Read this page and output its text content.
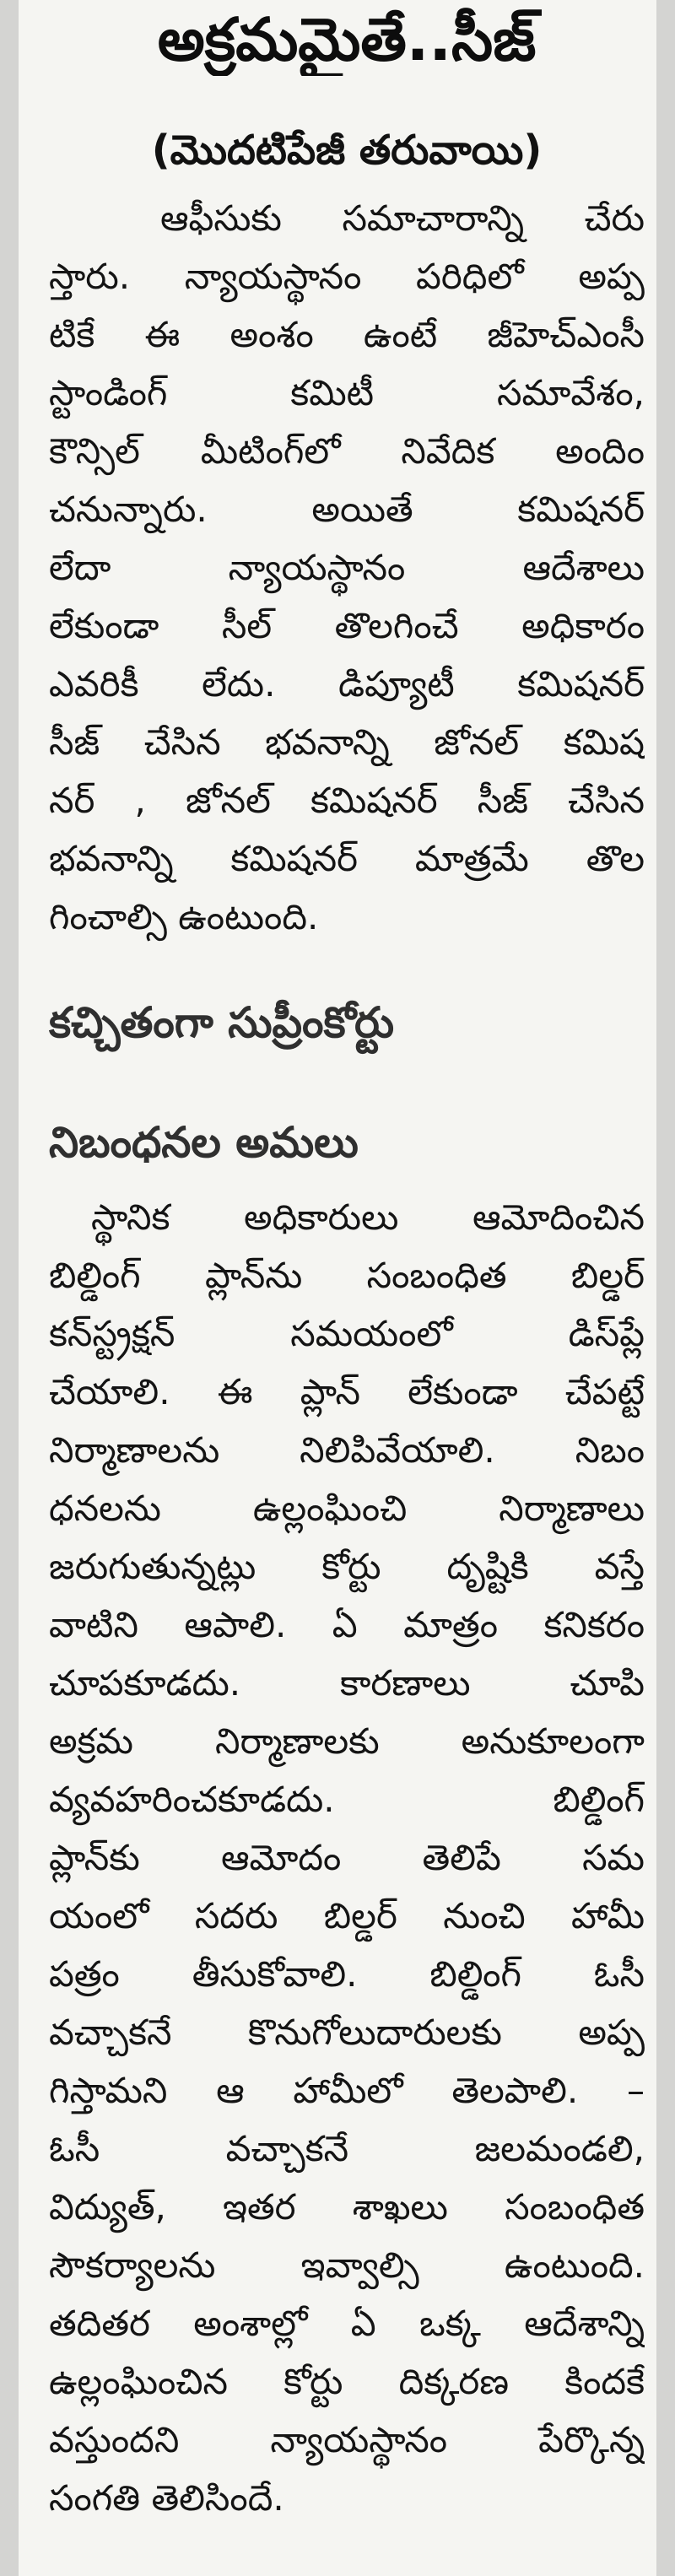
అక్రమమైతే..సీజ్
(మొదటిపేజీ తరువాయి)
ఆఫీసుకు సమాచారాన్ని చేరు
స్తారు. న్యాయస్థానం పరిధిలో అప్ప
టికే ఈ అంశం ఉంటే జీహెచ్ఎంసీ
స్టాండింగ్ కమిటీ సమావేశం,
కౌన్సిల్ మీటింగ్‌లో నివేదిక అందిం
చనున్నారు. అయితే కమిషనర్
లేదా న్యాయస్థానం ఆదేశాలు
లేకుండా సీల్ తొలగించే అధికారం
ఎవరికీ లేదు. డిప్యూటీ కమిషనర్
సీజ్ చేసిన భవనాన్ని జోనల్ కమిష
నర్ , జోనల్ కమిషనర్ సీజ్ చేసిన
భవనాన్ని కమిషనర్ మాత్రమే తొల
గించాల్సి ఉంటుంది.
కచ్చితంగా సుప్రీంకోర్టు
నిబంధనల అమలు
స్థానిక అధికారులు ఆమోదించిన
బిల్డింగ్ ప్లాన్‌ను సంబంధిత బిల్డర్
కన్‌స్ట్రక్షన్ సమయంలో డిస్‌ప్లే
చేయాలి. ఈ ప్లాన్ లేకుండా చేపట్టే
నిర్మాణాలను నిలిపివేయాలి. నిబం
ధనలను ఉల్లంఘించి నిర్మాణాలు
జరుగుతున్నట్లు కోర్టు దృష్టికి వస్తే
వాటిని ఆపాలి. ఏ మాత్రం కనికరం
చూపకూడదు. కారణాలు చూపి
అక్రమ నిర్మాణాలకు అనుకూలంగా
వ్యవహరించకూడదు. బిల్డింగ్
ప్లాన్‌కు ఆమోదం తెలిపే సమ
యంలో సదరు బిల్డర్ నుంచి హామీ
పత్రం తీసుకోవాలి. బిల్డింగ్ ఓసీ
వచ్చాకనే కొనుగోలుదారులకు అప్ప
గిస్తామని ఆ హామీలో తెలపాలి. –
ఓసీ వచ్చాకనే జలమండలి,
విద్యుత్, ఇతర శాఖలు సంబంధిత
సౌకర్యాలను ఇవ్వాల్సి ఉంటుంది.
తదితర అంశాల్లో ఏ ఒక్క ఆదేశాన్ని
ఉల్లంఘించిన కోర్టు దిక్కరణ కిందకే
వస్తుందని న్యాయస్థానం పేర్కొన్న
సంగతి తెలిసిందే.
